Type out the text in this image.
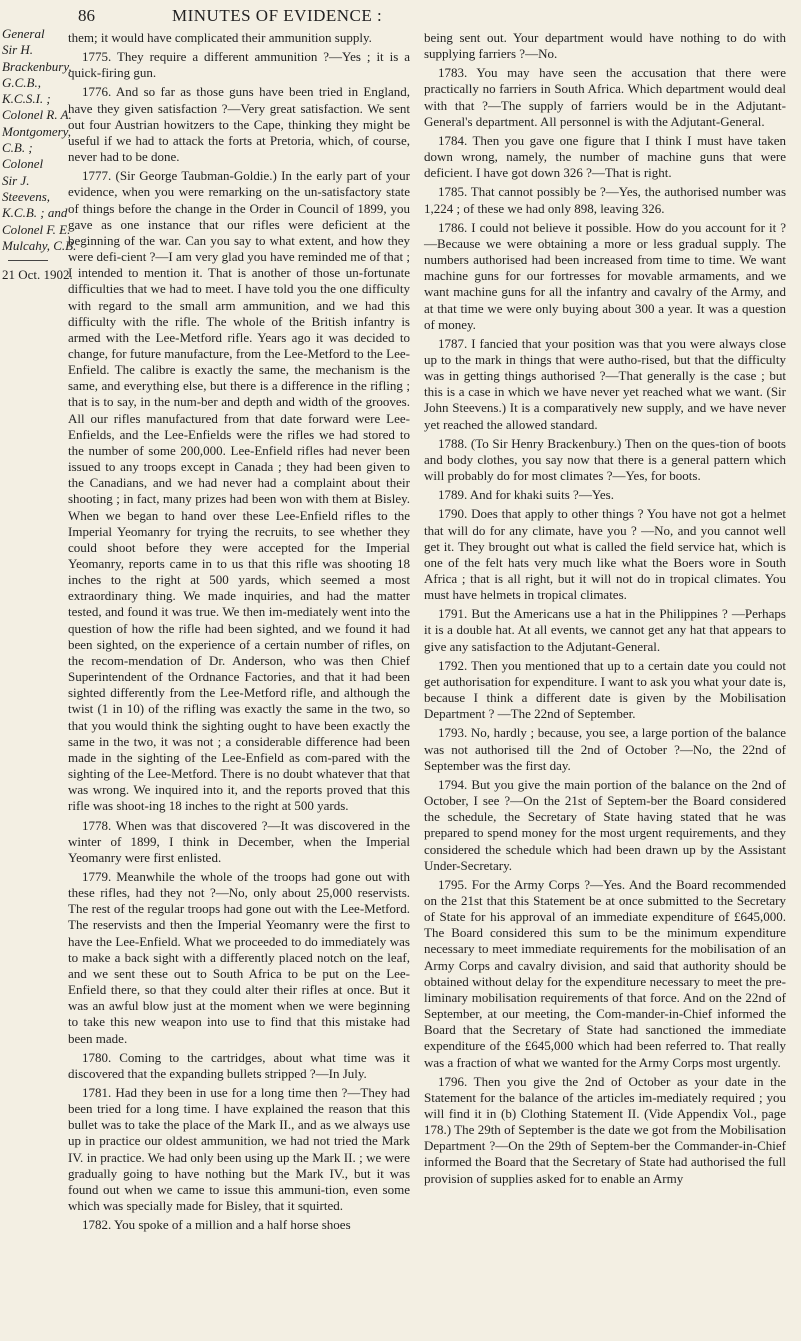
86	MINUTES OF EVIDENCE :
General
Sir H.
Brackenbury,
G.C.B.,
K.C.S.I. ;
Colonel R. A.
Montgomery,
C.B. ;
Colonel
Sir J.
Steevens,
K.C.B. ; and
Colonel F. E.
Mulcahy, C.B.
21 Oct. 1902.

them; it would have complicated their ammunition supply.

1775. They require a different ammunition ?—Yes ; it is a quick-firing gun.

1776. And so far as those guns have been tried in England, have they given satisfaction ?—Very great satisfaction. We sent out four Austrian howitzers to the Cape, thinking they might be useful if we had to attack the forts at Pretoria, which, of course, never had to be done.

1777. (Sir George Taubman-Goldie.) In the early part of your evidence, when you were remarking on the un-satisfactory state of things before the change in the Order in Council of 1899, you gave as one instance that our rifles were deficient at the beginning of the war. Can you say to what extent, and how they were defi-cient ?—I am very glad you have reminded me of that ; I intended to mention it. That is another of those un-fortunate difficulties that we had to meet. I have told you the one difficulty with regard to the small arm ammunition, and we had this difficulty with the rifle. The whole of the British infantry is armed with the Lee-Metford rifle. Years ago it was decided to change, for future manufacture, from the Lee-Metford to the Lee-Enfield. The calibre is exactly the same, the mechanism is the same, and everything else, but there is a difference in the rifling ; that is to say, in the num-ber and depth and width of the grooves. All our rifles manufactured from that date forward were Lee-Enfields, and the Lee-Enfields were the rifles we had stored to the number of some 200,000. Lee-Enfield rifles had never been issued to any troops except in Canada ; they had been given to the Canadians, and we had never had a complaint about their shooting ; in fact, many prizes had been won with them at Bisley. When we began to hand over these Lee-Enfield rifles to the Imperial Yeomanry for trying the recruits, to see whether they could shoot before they were accepted for the Imperial Yeomanry, reports came in to us that this rifle was shooting 18 inches to the right at 500 yards, which seemed a most extraordinary thing. We made inquiries, and had the matter tested, and found it was true. We then im-mediately went into the question of how the rifle had been sighted, and we found it had been sighted, on the experience of a certain number of rifles, on the recom-mendation of Dr. Anderson, who was then Chief Superintendent of the Ordnance Factories, and that it had been sighted differently from the Lee-Metford rifle, and although the twist (1 in 10) of the rifling was exactly the same in the two, so that you would think the sighting ought to have been exactly the same in the two, it was not ; a considerable difference had been made in the sighting of the Lee-Enfield as com-pared with the sighting of the Lee-Metford. There is no doubt whatever that that was wrong. We inquired into it, and the reports proved that this rifle was shoot-ing 18 inches to the right at 500 yards.

1778. When was that discovered ?—It was discovered in the winter of 1899, I think in December, when the Imperial Yeomanry were first enlisted.

1779. Meanwhile the whole of the troops had gone out with these rifles, had they not ?—No, only about 25,000 reservists. The rest of the regular troops had gone out with the Lee-Metford. The reservists and then the Imperial Yeomanry were the first to have the Lee-Enfield. What we proceeded to do immediately was to make a back sight with a differently placed notch on the leaf, and we sent these out to South Africa to be put on the Lee-Enfield there, so that they could alter their rifles at once. But it was an awful blow just at the moment when we were beginning to take this new weapon into use to find that this mistake had been made.

1780. Coming to the cartridges, about what time was it discovered that the expanding bullets stripped ?—In July.

1781. Had they been in use for a long time then ?—They had been tried for a long time. I have explained the reason that this bullet was to take the place of the Mark II., and as we always use up in practice our oldest ammunition, we had not tried the Mark IV. in practice. We had only been using up the Mark II. ; we were gradually going to have nothing but the Mark IV., but it was found out when we came to issue this ammuni-tion, even some which was specially made for Bisley, that it squirted.

1782. You spoke of a million and a half horse shoes

being sent out. Your department would have nothing to do with supplying farriers ?—No.

1783. You may have seen the accusation that there were practically no farriers in South Africa. Which department would deal with that ?—The supply of farriers would be in the Adjutant-General's department. All personnel is with the Adjutant-General.

1784. Then you gave one figure that I think I must have taken down wrong, namely, the number of machine guns that were deficient. I have got down 326 ?—That is right.

1785. That cannot possibly be ?—Yes, the authorised number was 1,224 ; of these we had only 898, leaving 326.

1786. I could not believe it possible. How do you account for it ?—Because we were obtaining a more or less gradual supply. The numbers authorised had been increased from time to time. We want machine guns for our fortresses for movable armaments, and we want machine guns for all the infantry and cavalry of the Army, and at that time we were only buying about 300 a year. It was a question of money.

1787. I fancied that your position was that you were always close up to the mark in things that were autho-rised, but that the difficulty was in getting things authorised ?—That generally is the case ; but this is a case in which we have never yet reached what we want. (Sir John Steevens.) It is a comparatively new supply, and we have never yet reached the allowed standard.

1788. (To Sir Henry Brackenbury.) Then on the ques-tion of boots and body clothes, you say now that there is a general pattern which will probably do for most climates ?—Yes, for boots.

1789. And for khaki suits ?—Yes.

1790. Does that apply to other things ? You have not got a helmet that will do for any climate, have you ? —No, and you cannot well get it. They brought out what is called the field service hat, which is one of the felt hats very much like what the Boers wore in South Africa ; that is all right, but it will not do in tropical climates. You must have helmets in tropical climates.

1791. But the Americans use a hat in the Philippines ? —Perhaps it is a double hat. At all events, we cannot get any hat that appears to give any satisfaction to the Adjutant-General.

1792. Then you mentioned that up to a certain date you could not get authorisation for expenditure. I want to ask you what your date is, because I think a different date is given by the Mobilisation Department ? —The 22nd of September.

1793. No, hardly ; because, you see, a large portion of the balance was not authorised till the 2nd of October ?—No, the 22nd of September was the first day.

1794. But you give the main portion of the balance on the 2nd of October, I see ?—On the 21st of Septem-ber the Board considered the schedule, the Secretary of State having stated that he was prepared to spend money for the most urgent requirements, and they considered the schedule which had been drawn up by the Assistant Under-Secretary.

1795. For the Army Corps ?—Yes. And the Board recommended on the 21st that this Statement be at once submitted to the Secretary of State for his approval of an immediate expenditure of £645,000. The Board considered this sum to be the minimum expenditure necessary to meet immediate requirements for the mobilisation of an Army Corps and cavalry division, and said that authority should be obtained without delay for the expenditure necessary to meet the pre-liminary mobilisation requirements of that force. And on the 22nd of September, at our meeting, the Com-mander-in-Chief informed the Board that the Secretary of State had sanctioned the immediate expenditure of the £645,000 which had been referred to. That really was a fraction of what we wanted for the Army Corps most urgently.

1796. Then you give the 2nd of October as your date in the Statement for the balance of the articles im-mediately required ; you will find it in (b) Clothing Statement II. (Vide Appendix Vol., page 178.) The 29th of September is the date we got from the Mobilisation Department ?—On the 29th of Septem-ber the Commander-in-Chief informed the Board that the Secretary of State had authorised the full provision of supplies asked for to enable an Army
